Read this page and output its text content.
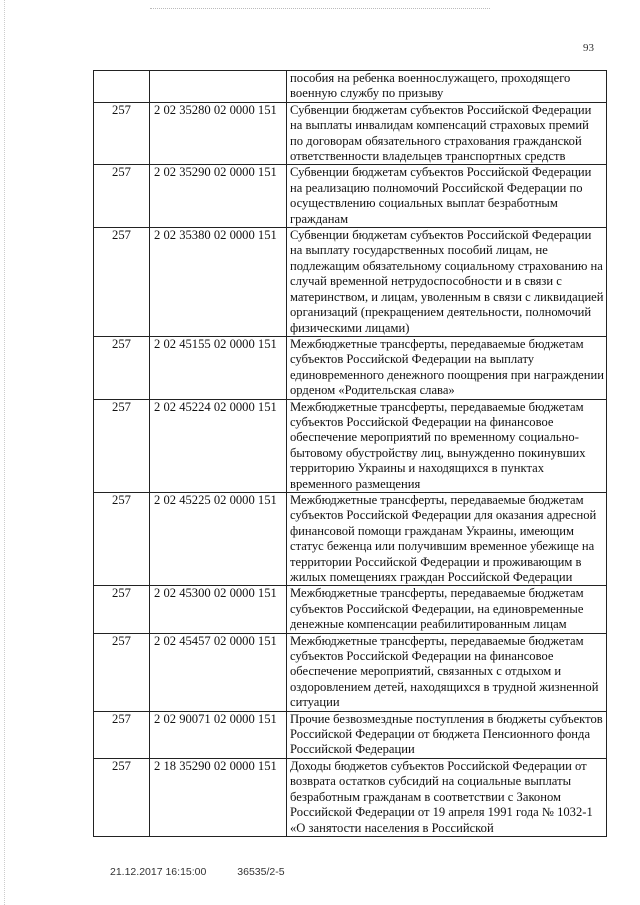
93
		пособия на ребенка военнослужащего, проходящего военную службу по призыву
257	2 02 35280 02 0000 151	Субвенции бюджетам субъектов Российской Федерации на выплаты инвалидам компенсаций страховых премий по договорам обязательного страхования гражданской ответственности владельцев транспортных средств
257	2 02 35290 02 0000 151	Субвенции бюджетам субъектов Российской Федерации на реализацию полномочий Российской Федерации по осуществлению социальных выплат безработным гражданам
257	2 02 35380 02 0000 151	Субвенции бюджетам субъектов Российской Федерации на выплату государственных пособий лицам, не подлежащим обязательному социальному страхованию на случай временной нетрудоспособности и в связи с материнством, и лицам, уволенным в связи с ликвидацией организаций (прекращением деятельности, полномочий физическими лицами)
257	2 02 45155 02 0000 151	Межбюджетные трансферты, передаваемые бюджетам субъектов Российской Федерации на выплату единовременного денежного поощрения при награждении орденом «Родительская слава»
257	2 02 45224 02 0000 151	Межбюджетные трансферты, передаваемые бюджетам субъектов Российской Федерации на финансовое обеспечение мероприятий по временному социально-бытовому обустройству лиц, вынужденно покинувших территорию Украины и находящихся в пунктах временного размещения
257	2 02 45225 02 0000 151	Межбюджетные трансферты, передаваемые бюджетам субъектов Российской Федерации для оказания адресной финансовой помощи гражданам Украины, имеющим статус беженца или получившим временное убежище на территории Российской Федерации и проживающим в жилых помещениях граждан Российской Федерации
257	2 02 45300 02 0000 151	Межбюджетные трансферты, передаваемые бюджетам субъектов Российской Федерации, на единовременные денежные компенсации реабилитированным лицам
257	2 02 45457 02 0000 151	Межбюджетные трансферты, передаваемые бюджетам субъектов Российской Федерации на финансовое обеспечение мероприятий, связанных с отдыхом и оздоровлением детей, находящихся в трудной жизненной ситуации
257	2 02 90071 02 0000 151	Прочие безвозмездные поступления в бюджеты субъектов Российской Федерации от бюджета Пенсионного фонда Российской Федерации
257	2 18 35290 02 0000 151	Доходы бюджетов субъектов Российской Федерации от возврата остатков субсидий на социальные выплаты безработным гражданам в соответствии с Законом Российской Федерации от 19 апреля 1991 года № 1032-1 «О занятости населения в Российской
21.12.2017 16:15:00	36535/2-5
